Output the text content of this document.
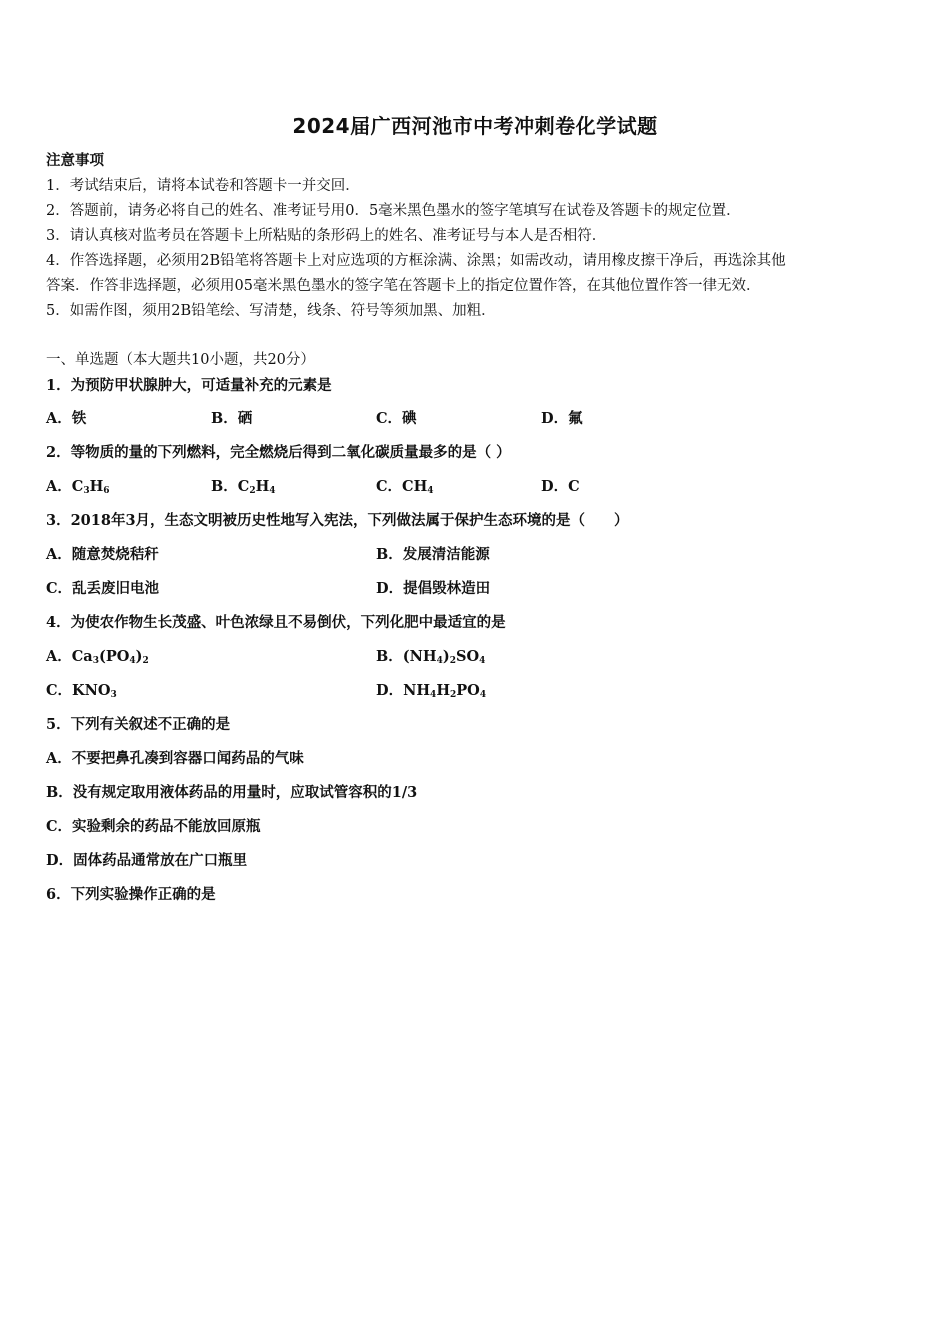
2024届广西河池市中考冲刺卷化学试题
注意事项
1．考试结束后，请将本试卷和答题卡一并交回．
2．答题前，请务必将自己的姓名、准考证号用0．5毫米黑色墨水的签字笔填写在试卷及答题卡的规定位置．
3．请认真核对监考员在答题卡上所粘贴的条形码上的姓名、准考证号与本人是否相符．
4．作答选择题，必须用2B铅笔将答题卡上对应选项的方框涂满、涂黑；如需改动，请用橡皮擦干净后，再选涂其他
答案．作答非选择题，必须用05毫米黑色墨水的签字笔在答题卡上的指定位置作答，在其他位置作答一律无效．
5．如需作图，须用2B铅笔绘、写清楚，线条、符号等须加黑、加粗．
一、单选题（本大题共10小题，共20分）
1．为预防甲状腺肿大，可适量补充的元素是
A．铁	B．硒	C．碘	D．氟
2．等物质的量的下列燃料，完全燃烧后得到二氧化碳质量最多的是（ ）
A．$C_3H_6$	B．$C_2H_4$	C．$CH_4$	D．C
3．2018年3月，生态文明被历史性地写入宪法，下列做法属于保护生态环境的是（　　）
A．随意焚烧秸秆	B．发展清洁能源
C．乱丢废旧电池	D．提倡毁林造田
4．为使农作物生长茂盛、叶色浓绿且不易倒伏，下列化肥中最适宜的是
A．$Ca_3(PO_4)_2$	B．$(NH_4)_2SO_4$
C．$KNO_3$	D．$NH_4H_2PO_4$
5．下列有关叙述不正确的是
A．不要把鼻孔凑到容器口闻药品的气味
B．没有规定取用液体药品的用量时，应取试管容积的1/3
C．实验剩余的药品不能放回原瓶
D．固体药品通常放在广口瓶里
6．下列实验操作正确的是
